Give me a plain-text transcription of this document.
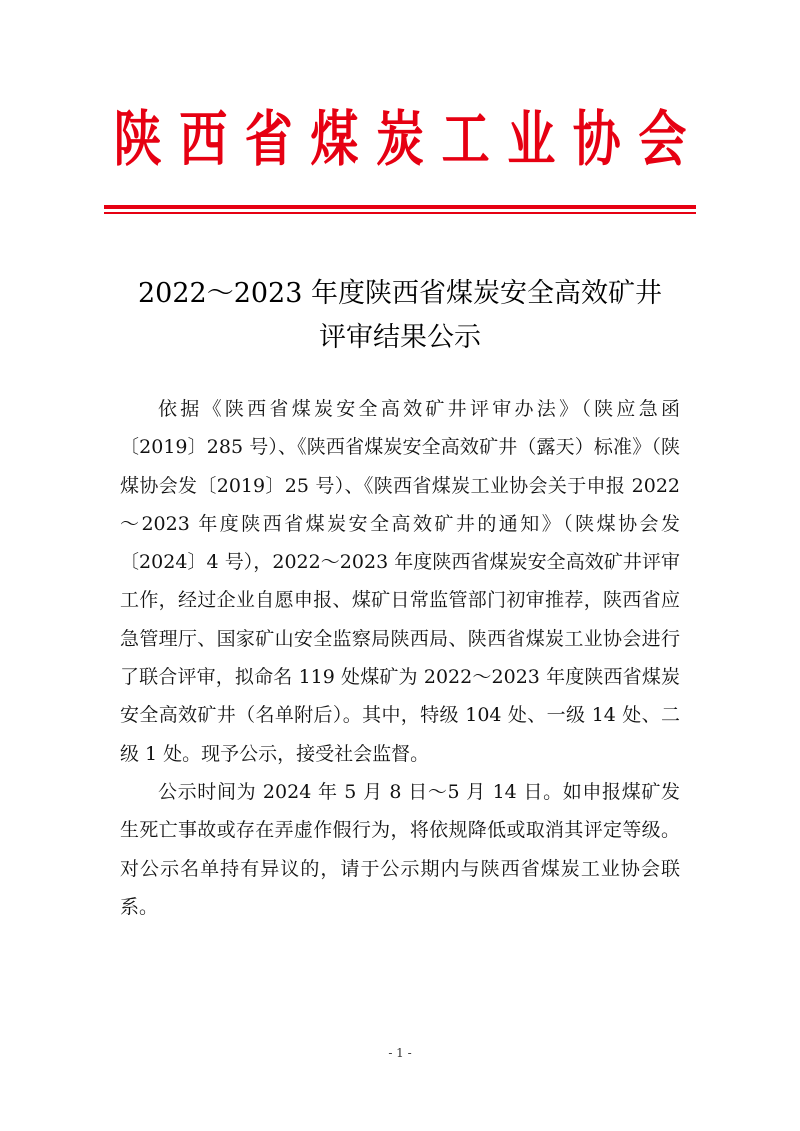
陕西省煤炭工业协会
2022～2023 年度陕西省煤炭安全高效矿井
评审结果公示

依据《陕西省煤炭安全高效矿井评审办法》（陕应急函〔2019〕285 号）、《陕西省煤炭安全高效矿井（露天）标准》（陕煤协会发〔2019〕25 号）、《陕西省煤炭工业协会关于申报 2022～2023 年度陕西省煤炭安全高效矿井的通知》（陕煤协会发〔2024〕4 号），2022～2023 年度陕西省煤炭安全高效矿井评审工作，经过企业自愿申报、煤矿日常监管部门初审推荐，陕西省应急管理厅、国家矿山安全监察局陕西局、陕西省煤炭工业协会进行了联合评审，拟命名 119 处煤矿为 2022～2023 年度陕西省煤炭安全高效矿井（名单附后）。其中，特级 104 处、一级 14 处、二级 1 处。现予公示，接受社会监督。

公示时间为 2024 年 5 月 8 日～5 月 14 日。如申报煤矿发生死亡事故或存在弄虚作假行为，将依规降低或取消其评定等级。对公示名单持有异议的，请于公示期内与陕西省煤炭工业协会联系。

- 1 -
